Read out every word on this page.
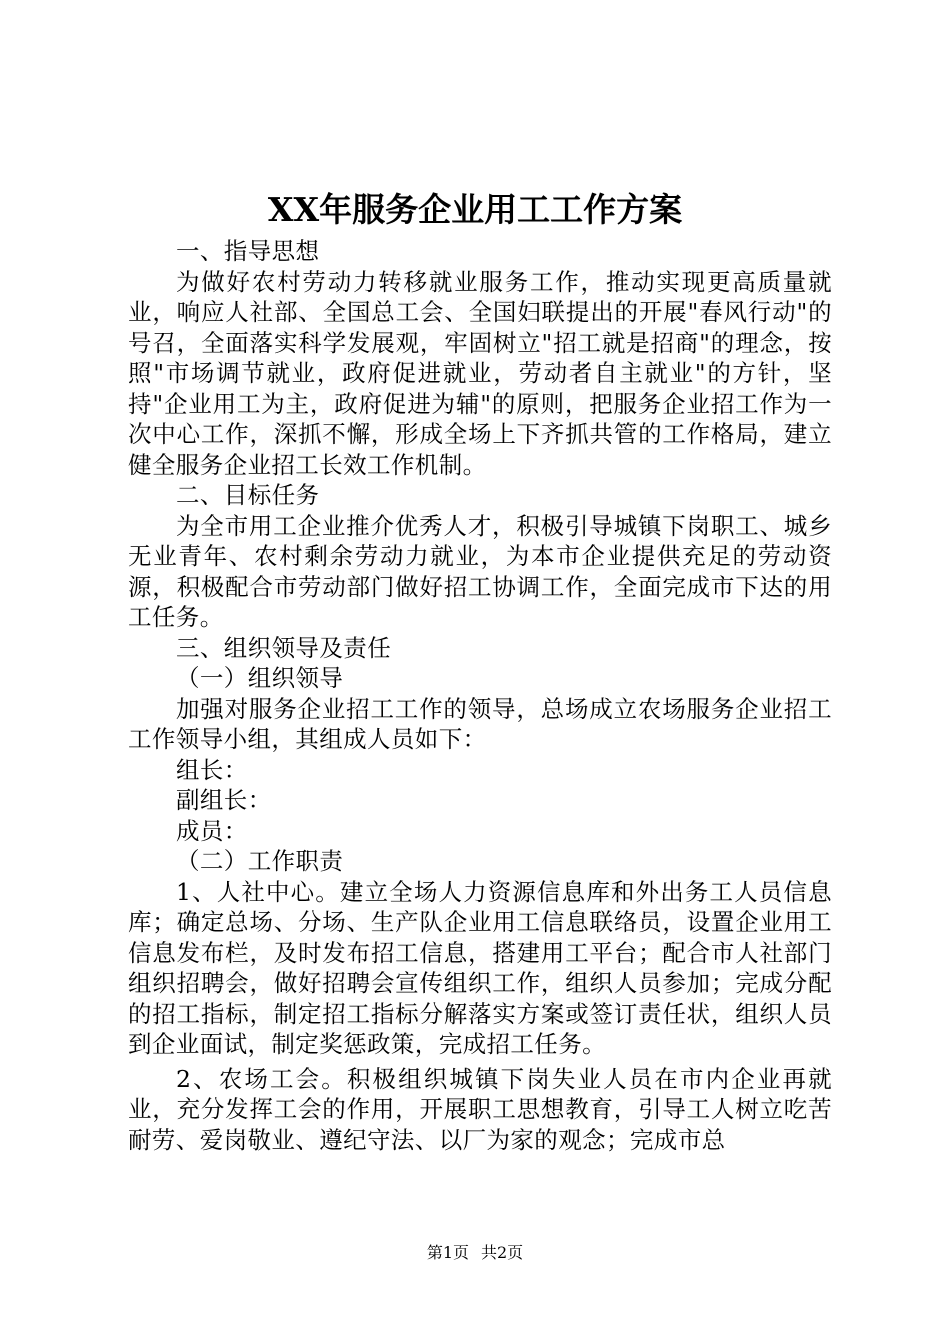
XX年服务企业用工工作方案

一、指导思想

为做好农村劳动力转移就业服务工作，推动实现更高质量就业，响应人社部、全国总工会、全国妇联提出的开展"春风行动"的号召，全面落实科学发展观，牢固树立"招工就是招商"的理念，按照"市场调节就业，政府促进就业，劳动者自主就业"的方针，坚持"企业用工为主，政府促进为辅"的原则，把服务企业招工作为一次中心工作，深抓不懈，形成全场上下齐抓共管的工作格局，建立健全服务企业招工长效工作机制。

二、目标任务

为全市用工企业推介优秀人才，积极引导城镇下岗职工、城乡无业青年、农村剩余劳动力就业，为本市企业提供充足的劳动资源，积极配合市劳动部门做好招工协调工作，全面完成市下达的用工任务。

三、组织领导及责任

（一）组织领导

加强对服务企业招工工作的领导，总场成立农场服务企业招工工作领导小组，其组成人员如下：

组长：

副组长：

成员：

（二）工作职责

1、人社中心。建立全场人力资源信息库和外出务工人员信息库；确定总场、分场、生产队企业用工信息联络员，设置企业用工信息发布栏，及时发布招工信息，搭建用工平台；配合市人社部门组织招聘会，做好招聘会宣传组织工作，组织人员参加；完成分配的招工指标，制定招工指标分解落实方案或签订责任状，组织人员到企业面试，制定奖惩政策，完成招工任务。

2、农场工会。积极组织城镇下岗失业人员在市内企业再就业，充分发挥工会的作用，开展职工思想教育，引导工人树立吃苦耐劳、爱岗敬业、遵纪守法、以厂为家的观念；完成市总

第1页 共2页
